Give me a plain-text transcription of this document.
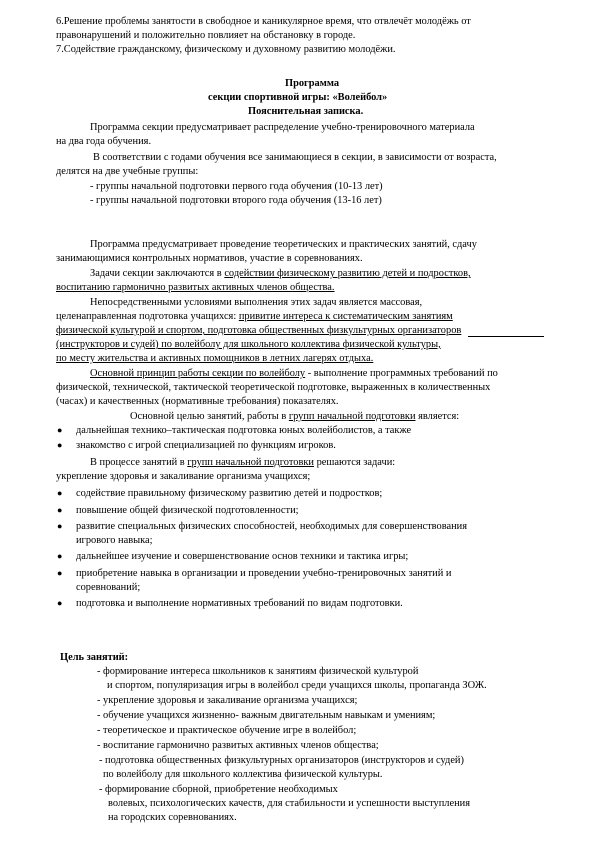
6.Решение проблемы занятости в свободное и каникулярное время, что отвлечёт молодёжь от
правонарушений и положительно повлияет на обстановку в городе.
7.Содействие гражданскому, физическому и духовному развитию молодёжи.
Программа
секции спортивной игры: «Волейбол»
Пояснительная записка.
Программа секции предусматривает распределение учебно-тренировочного материала
на два года обучения.
В соответствии с годами обучения все занимающиеся в секции, в зависимости от возраста,
делятся на две учебные группы:
- группы начальной подготовки первого года обучения (10-13 лет)
- группы начальной подготовки второго года обучения (13-16 лет)
Программа предусматривает проведение теоретических и практических занятий, сдачу
занимающимися контрольных нормативов, участие в соревнованиях.
Задачи секции заключаются в содействии физическому развитию детей и подростков,
воспитанию гармонично развитых активных членов общества.
Непосредственными условиями выполнения этих задач является массовая,
целенаправленная подготовка учащихся: привитие интереса к систематическим занятиям
физической культурой и спортом, подготовка общественных физкультурных организаторов
(инструкторов и судей) по волейболу для школьного коллектива физической культуры,
по месту жительства и активных помощников в летних лагерях отдыха.
Основной принцип работы секции по волейболу - выполнение программных требований по
физической, технической, тактической теоретической подготовке, выраженных в количественных
(часах) и качественных (нормативные требования) показателях.
Основной целью занятий, работы в групп начальной подготовки является:
● дальнейшая технико–тактическая подготовка юных волейболистов, а также
● знакомство с игрой специализацией по функциям игроков.
В процессе занятий в групп начальной подготовки решаются задачи:
укрепление здоровья и закаливание организма учащихся;
● содействие правильному физическому развитию детей и подростков;
● повышение общей физической подготовленности;
● развитие специальных физических способностей, необходимых для совершенствования
игрового навыка;
● дальнейшее изучение и совершенствование основ техники и тактика игры;
● приобретение навыка в организации и проведении учебно-тренировочных занятий и
соревнований;
● подготовка и выполнение нормативных требований по видам подготовки.
Цель занятий:
- формирование интереса школьников к занятиям физической культурой
и спортом, популяризация игры в волейбол среди учащихся школы, пропаганда ЗОЖ.
- укрепление здоровья и закаливание организма учащихся;
- обучение учащихся жизненно- важным двигательным навыкам и умениям;
- теоретическое и практическое обучение игре в волейбол;
- воспитание гармонично развитых активных членов общества;
- подготовка общественных физкультурных организаторов (инструкторов и судей)
по волейболу для школьного коллектива физической культуры.
- формирование сборной, приобретение необходимых
волевых, психологических качеств, для стабильности и успешности выступления
на городских соревнованиях.
